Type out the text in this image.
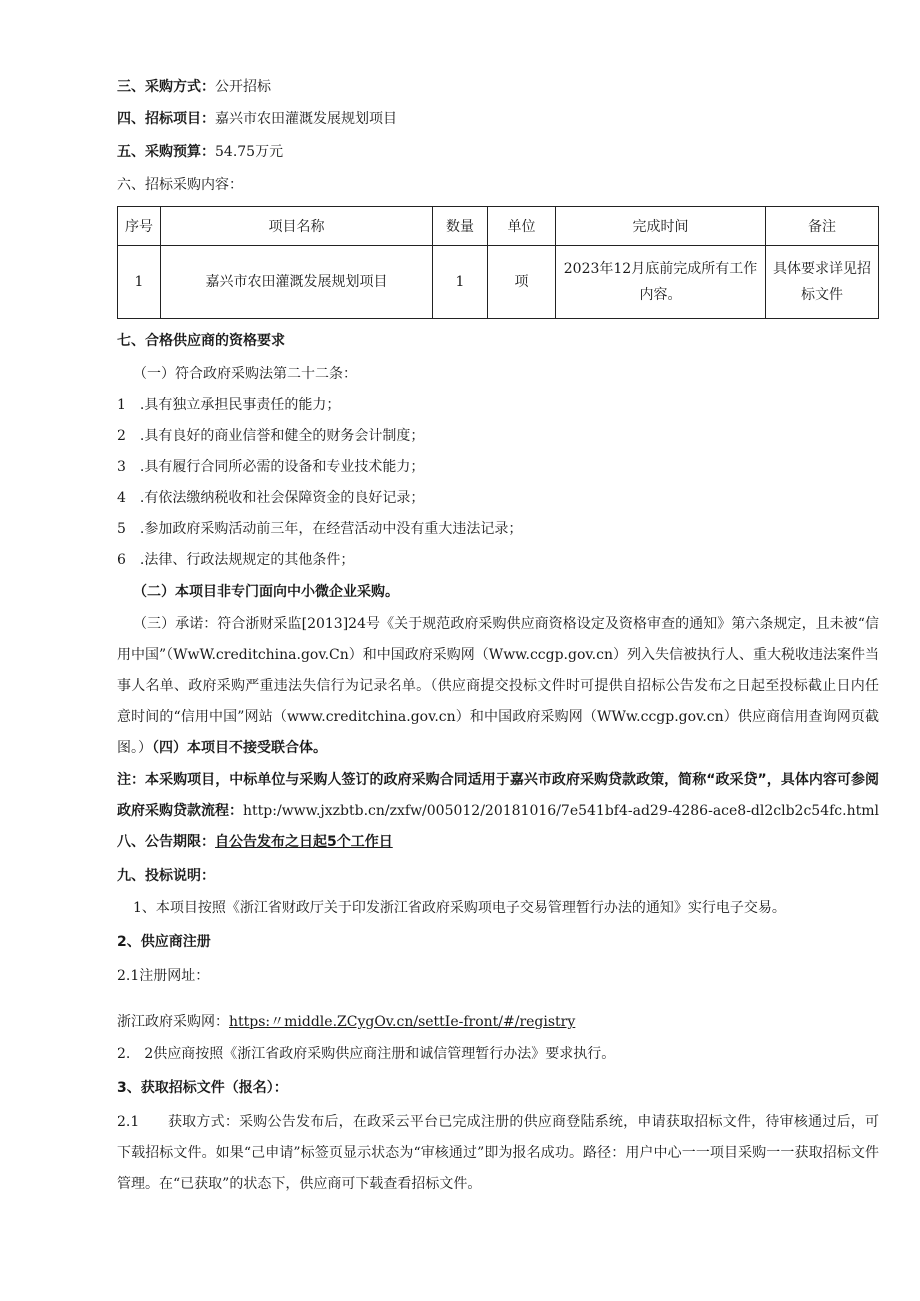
三、采购方式：公开招标
四、招标项目：嘉兴市农田灌溉发展规划项目
五、采购预算：54.75万元
六、招标采购内容：
序号	项目名称	数量	单位	完成时间	备注
1	嘉兴市农田灌溉发展规划项目	1	项	2023年12月底前完成所有工作内容。	具体要求详见招标文件
七、合格供应商的资格要求
（一）符合政府采购法第二十二条：
1　.具有独立承担民事责任的能力；
2　.具有良好的商业信誉和健全的财务会计制度；
3　.具有履行合同所必需的设备和专业技术能力；
4　.有依法缴纳税收和社会保障资金的良好记录；
5　.参加政府采购活动前三年，在经营活动中没有重大违法记录；
6　.法律、行政法规规定的其他条件；
（二）本项目非专门面向中小微企业采购。
（三）承诺：符合浙财采监[2013]24号《关于规范政府采购供应商资格设定及资格审查的通知》第六条规定，且未被“信用中国”（WwW.creditchina.gov.Cn）和中国政府采购网（Www.ccgp.gov.cn）列入失信被执行人、重大税收违法案件当事人名单、政府采购严重违法失信行为记录名单。（供应商提交投标文件时可提供自招标公告发布之日起至投标截止日内任意时间的“信用中国”网站（www.creditchina.gov.cn）和中国政府采购网（WWw.ccgp.gov.cn）供应商信用查询网页截图。）（四）本项目不接受联合体。
注：本采购项目，中标单位与采购人签订的政府采购合同适用于嘉兴市政府采购贷款政策，简称“政采贷”，具体内容可参阅政府采购贷款流程：http:/www.jxzbtb.cn/zxfw/005012/20181016/7e541bf4-ad29-4286-ace8-dl2clb2c54fc.html八、公告期限：自公告发布之日起5个工作日
九、投标说明：
1、本项目按照《浙江省财政厅关于印发浙江省政府采购项电子交易管理暂行办法的通知》实行电子交易。
2、供应商注册
2.1注册网址：
浙江政府采购网：https:〃middle.ZCygOv.cn/settIe-front/#/registry
2.　2供应商按照《浙江省政府采购供应商注册和诚信管理暂行办法》要求执行。
3、获取招标文件（报名）：
2.1　　获取方式：采购公告发布后，在政采云平台已完成注册的供应商登陆系统，申请获取招标文件，待审核通过后，可下载招标文件。如果“己申请”标签页显示状态为“审核通过”即为报名成功。路径：用户中心一一项目采购一一获取招标文件管理。在“已获取”的状态下，供应商可下载查看招标文件。
